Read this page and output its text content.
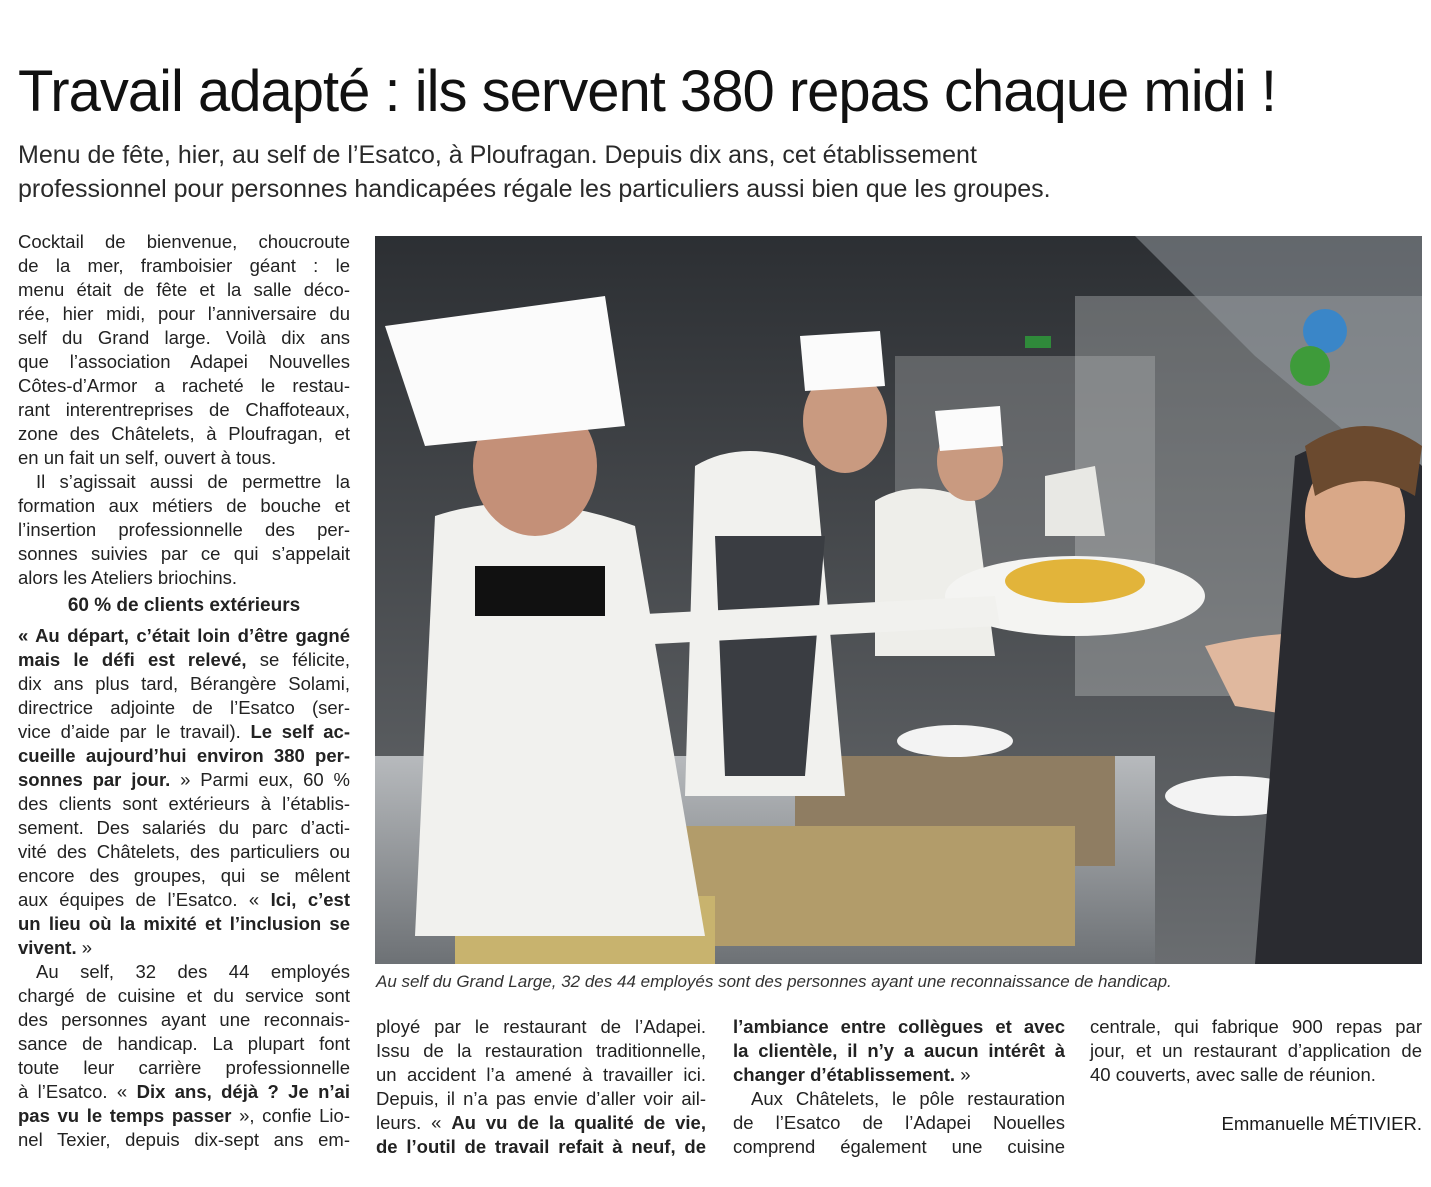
Travail adapté : ils servent 380 repas chaque midi !

Menu de fête, hier, au self de l’Esatco, à Ploufragan. Depuis dix ans, cet établissement

professionnel pour personnes handicapées régale les particuliers aussi bien que les groupes.

Cocktail de bienvenue, choucroute
de la mer, framboisier géant : le
menu était de fête et la salle déco-
rée, hier midi, pour l’anniversaire du
self du Grand large. Voilà dix ans
que l’association Adapei Nouvelles
Côtes-d’Armor a racheté le restau-
rant interentreprises de Chaffoteaux,
zone des Châtelets, à Ploufragan, et
en un fait un self, ouvert à tous.
Il s’agissait aussi de permettre la
formation aux métiers de bouche et
l’insertion professionnelle des per-
sonnes suivies par ce qui s’appelait
alors les Ateliers briochins.
60 % de clients extérieurs
« Au départ, c’était loin d’être gagné
mais le défi est relevé, se félicite,
dix ans plus tard, Bérangère Solami,
directrice adjointe de l’Esatco (ser-
vice d’aide par le travail). Le self ac-
cueille aujourd’hui environ 380 per-
sonnes par jour. » Parmi eux, 60 %
des clients sont extérieurs à l’établis-
sement. Des salariés du parc d’acti-
vité des Châtelets, des particuliers ou
encore des groupes, qui se mêlent
aux équipes de l’Esatco. « Ici, c’est
un lieu où la mixité et l’inclusion se
vivent. »
Au self, 32 des 44 employés
chargé de cuisine et du service sont
des personnes ayant une reconnais-
sance de handicap. La plupart font
toute leur carrière professionnelle
à l’Esatco. « Dix ans, déjà ? Je n’ai
pas vu le temps passer », confie Lio-
nel Texier, depuis dix-sept ans em-
Au self du Grand Large, 32 des 44 employés sont des personnes ayant une reconnaissance de handicap.
ployé par le restaurant de l’Adapei.
Issu de la restauration traditionnelle,
un accident l’a amené à travailler ici.
Depuis, il n’a pas envie d’aller voir ail-
leurs. « Au vu de la qualité de vie,
de l’outil de travail refait à neuf, de
l’ambiance entre collègues et avec
la clientèle, il n’y a aucun intérêt à
changer d’établissement. »
Aux Châtelets, le pôle restauration
de l’Esatco de l’Adapei Nouelles
comprend également une cuisine
centrale, qui fabrique 900 repas par
jour, et un restaurant d’application de
40 couverts, avec salle de réunion.
Emmanuelle MÉTIVIER.
